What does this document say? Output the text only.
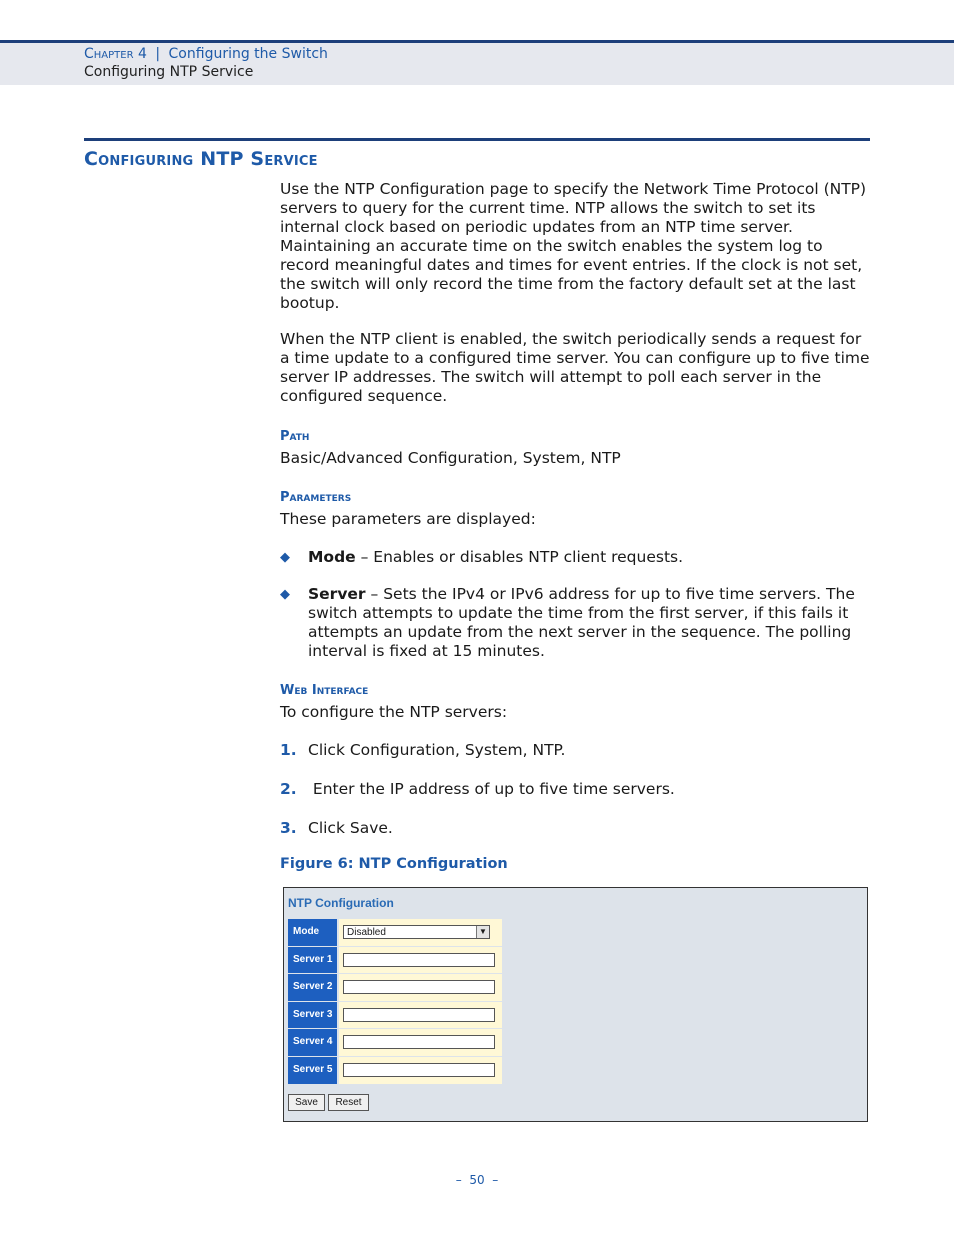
Chapter 4 | Configuring the Switch
Configuring NTP Service
Configuring NTP Service
Use the NTP Configuration page to specify the Network Time Protocol (NTP) servers to query for the current time. NTP allows the switch to set its internal clock based on periodic updates from an NTP time server. Maintaining an accurate time on the switch enables the system log to record meaningful dates and times for event entries. If the clock is not set, the switch will only record the time from the factory default set at the last bootup.
When the NTP client is enabled, the switch periodically sends a request for a time update to a configured time server. You can configure up to five time server IP addresses. The switch will attempt to poll each server in the configured sequence.
Path
Basic/Advanced Configuration, System, NTP
Parameters
These parameters are displayed:
◆ Mode – Enables or disables NTP client requests.
◆ Server – Sets the IPv4 or IPv6 address for up to five time servers. The switch attempts to update the time from the first server, if this fails it attempts an update from the next server in the sequence. The polling interval is fixed at 15 minutes.
Web Interface
To configure the NTP servers:
1. Click Configuration, System, NTP.
2. Enter the IP address of up to five time servers.
3. Click Save.
Figure 6: NTP Configuration
NTP Configuration
Mode	Disabled	▼
Server 1
Server 2
Server 3
Server 4
Server 5
Save	Reset
–  50  –
